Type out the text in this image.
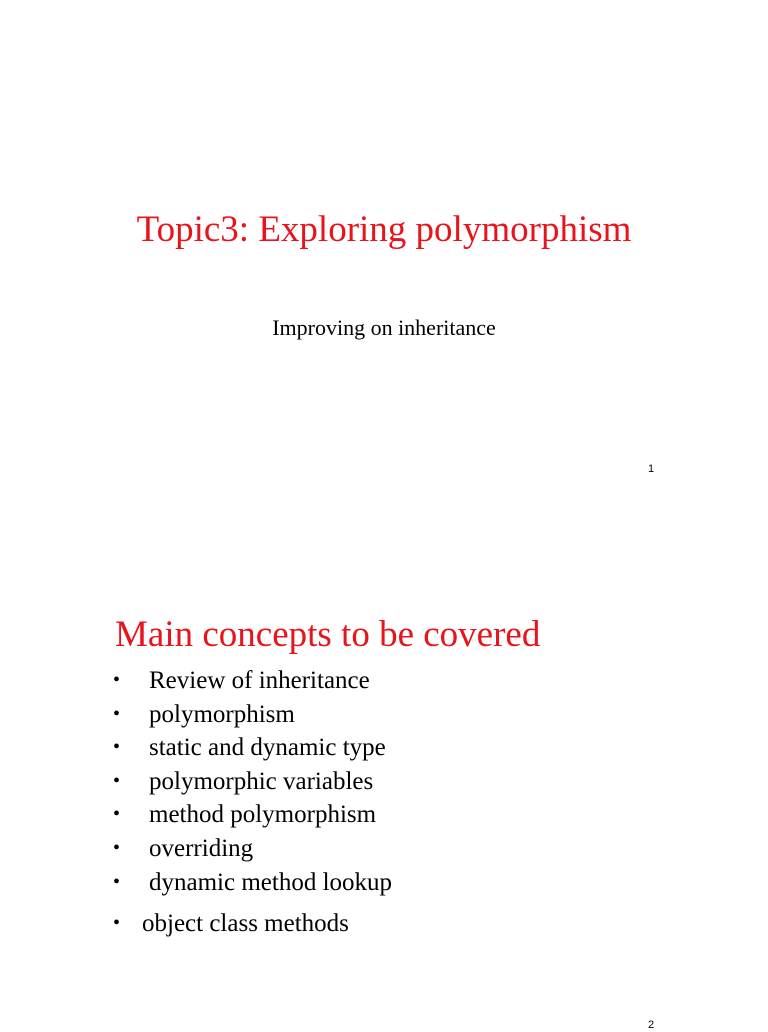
Topic3: Exploring polymorphism

Improving on inheritance

1
Main concepts to be covered
• Review of inheritance
• polymorphism
• static and dynamic type
• polymorphic variables
• method polymorphism
• overriding
• dynamic method lookup
• object class methods
2
